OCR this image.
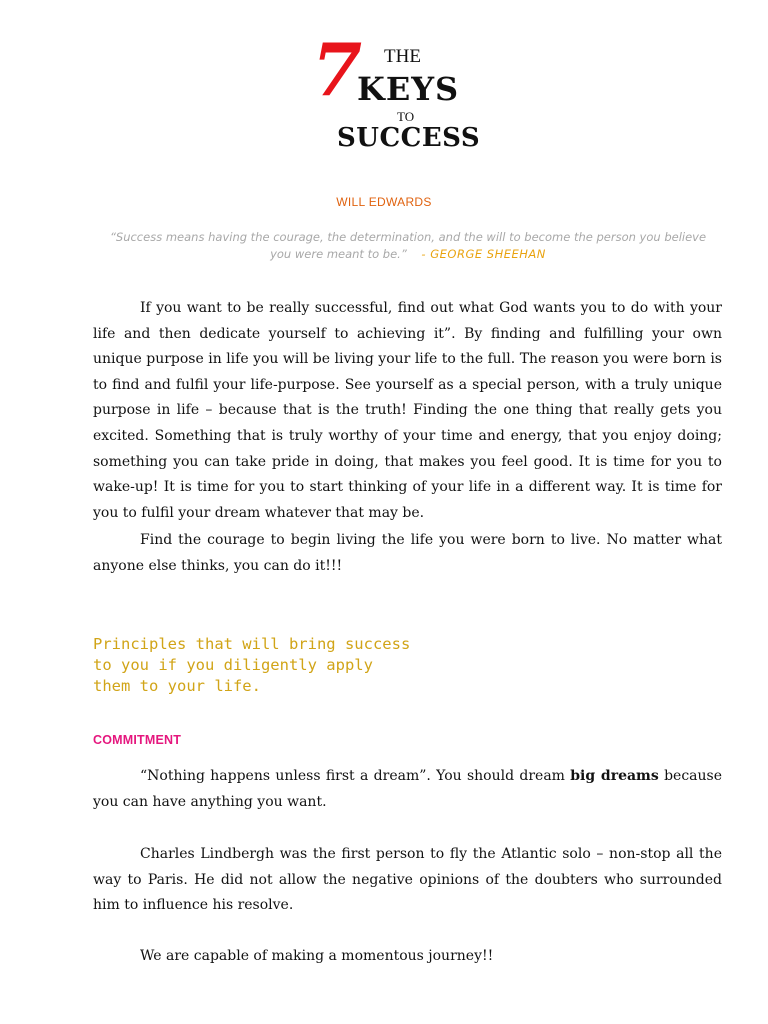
7 THE
KEYS
TO
SUCCESS
WILL EDWARDS
“Success means having the courage, the determination, and the will to become the person you believe you were meant to be.” - GEORGE SHEEHAN

If you want to be really successful, find out what God wants you to do with your life and then dedicate yourself to achieving it”. By finding and fulfilling your own unique purpose in life you will be living your life to the full. The reason you were born is to find and fulfil your life-purpose. See yourself as a special person, with a truly unique purpose in life – because that is the truth! Finding the one thing that really gets you excited. Something that is truly worthy of your time and energy, that you enjoy doing; something you can take pride in doing, that makes you feel good. It is time for you to wake-up! It is time for you to start thinking of your life in a different way. It is time for you to fulfil your dream whatever that may be.

Find the courage to begin living the life you were born to live. No matter what anyone else thinks, you can do it!!!

Principles that will bring success
to you if you diligently apply
them to your life.
COMMITMENT

“Nothing happens unless first a dream”. You should dream big dreams because you can have anything you want.

Charles Lindbergh was the first person to fly the Atlantic solo – non-stop all the way to Paris. He did not allow the negative opinions of the doubters who surrounded him to influence his resolve.

We are capable of making a momentous journey!!
